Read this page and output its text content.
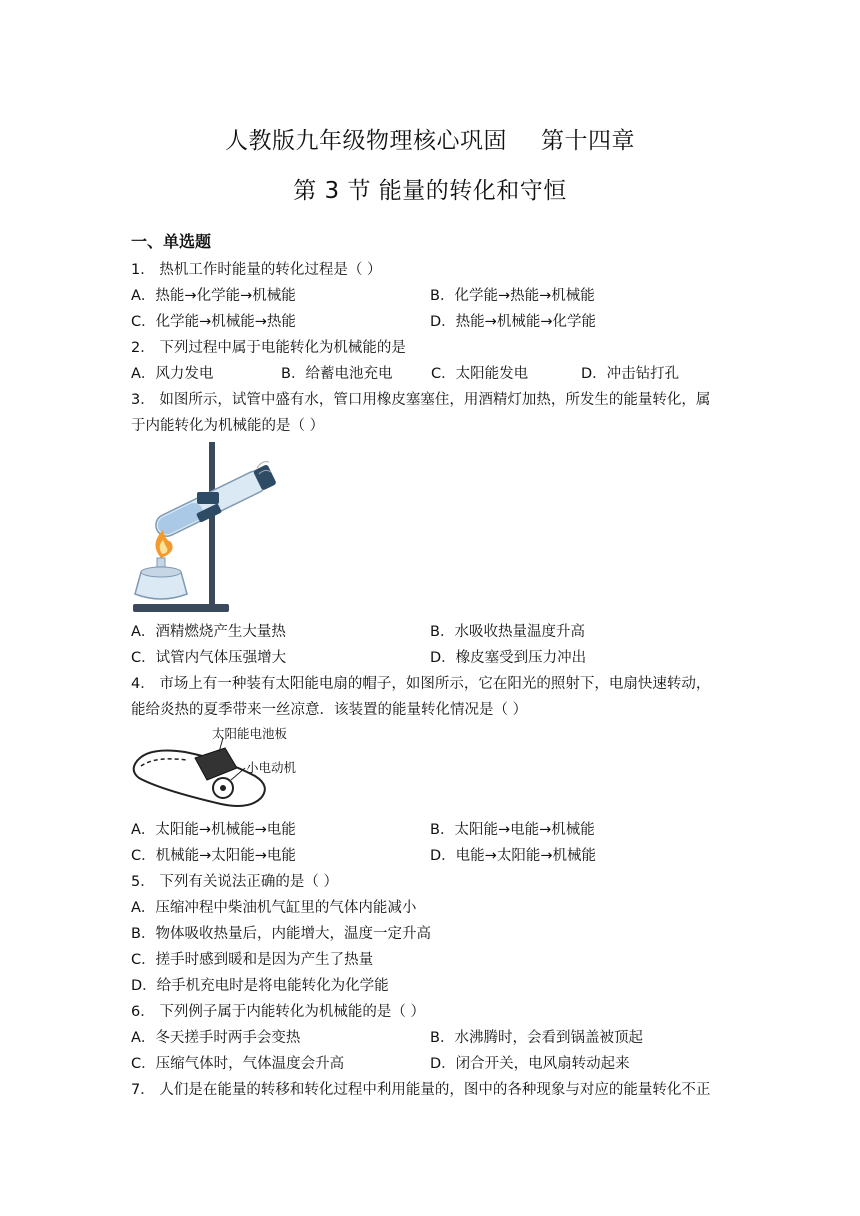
人教版九年级物理核心巩固 第十四章
第 3 节 能量的转化和守恒
一、单选题
1． 热机工作时能量的转化过程是（ ）
A．热能→化学能→机械能	B．化学能→热能→机械能
C．化学能→机械能→热能	D．热能→机械能→化学能
2． 下列过程中属于电能转化为机械能的是
A．风力发电	B．给蓄电池充电	C．太阳能发电	D．冲击钻打孔
3． 如图所示，试管中盛有水，管口用橡皮塞塞住，用酒精灯加热，所发生的能量转化，属
于内能转化为机械能的是（ ）
A．酒精燃烧产生大量热	B．水吸收热量温度升高
C．试管内气体压强增大	D．橡皮塞受到压力冲出
4． 市场上有一种装有太阳能电扇的帽子，如图所示，它在阳光的照射下，电扇快速转动，
能给炎热的夏季带来一丝凉意．该装置的能量转化情况是（ ）
太阳能电池板
小电动机
A．太阳能→机械能→电能	B．太阳能→电能→机械能
C．机械能→太阳能→电能	D．电能→太阳能→机械能
5． 下列有关说法正确的是（ ）
A．压缩冲程中柴油机气缸里的气体内能减小
B．物体吸收热量后，内能增大，温度一定升高
C．搓手时感到暖和是因为产生了热量
D．给手机充电时是将电能转化为化学能
6． 下列例子属于内能转化为机械能的是（ ）
A．冬天搓手时两手会变热	B．水沸腾时，会看到锅盖被顶起
C．压缩气体时，气体温度会升高	D．闭合开关，电风扇转动起来
7． 人们是在能量的转移和转化过程中利用能量的，图中的各种现象与对应的能量转化不正
